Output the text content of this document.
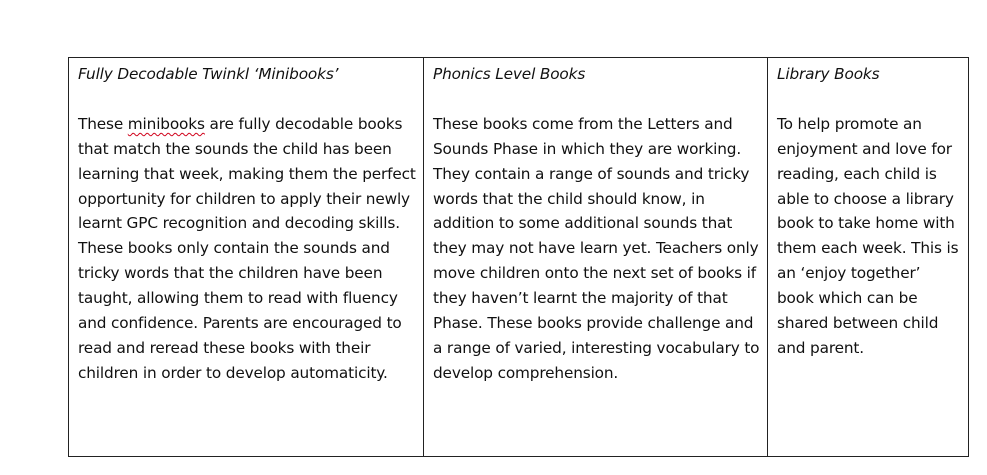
Fully Decodable Twinkl ‘Minibooks’
These minibooks are fully decodable books that match the sounds the child has been learning that week, making them the perfect opportunity for children to apply their newly learnt GPC recognition and decoding skills. These books only contain the sounds and tricky words that the children have been taught, allowing them to read with fluency and confidence. Parents are encouraged to read and reread these books with their children in order to develop automaticity.

Phonics Level Books
These books come from the Letters and Sounds Phase in which they are working. They contain a range of sounds and tricky words that the child should know, in addition to some additional sounds that they may not have learn yet. Teachers only move children onto the next set of books if they haven’t learnt the majority of that Phase. These books provide challenge and a range of varied, interesting vocabulary to develop comprehension.

Library Books
To help promote an enjoyment and love for reading, each child is able to choose a library book to take home with them each week. This is an ‘enjoy together’ book which can be shared between child and parent.
